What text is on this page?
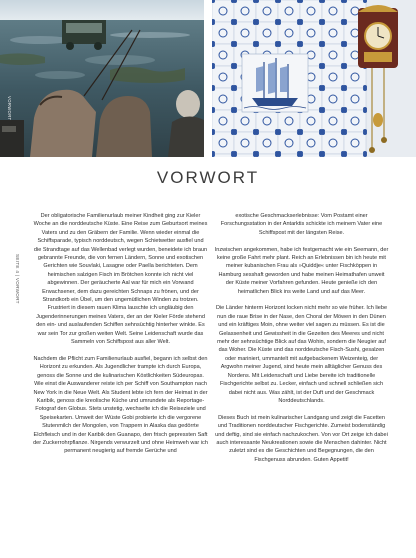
VORWORT
VORWORT
SEITE 4 | VORWORT

Der obligatorische Familienurlaub meiner Kindheit ging zur Kieler Woche an die norddeutsche Küste. Eine Reise zum Geburtsort meines Vaters und zu den Gräbern der Familie. Wenn wieder einmal die Schiffsparade, typisch norddeutsch, wegen Schietwetter ausfiel und die Strandtage auf das Wellenbad verlegt wurden, beneidete ich braun gebrannte Freunde, die von fernen Ländern, Sonne und exotischen Gerichten wie Souvlaki, Lasagne oder Paella berichteten. Dem heimischen salzigen Fisch im Brötchen konnte ich nicht viel abgewinnen. Der geräucherte Aal war für mich ein Vorwand Erwachsener, dem dazu gereichten Schnaps zu frönen, und der Strandkorb ein Übel, um den ungemütlichen Winden zu trotzen. Frustriert in diesem rauen Klima lauschte ich ungläubig den Jugenderinnerungen meines Vaters, der an der Kieler Förde stehend den ein- und auslaufenden Schiffen sehnsüchtig hinterher winkte. Es war sein Tor zur großen weiten Welt. Seine Leidenschaft wurde das Sammeln von Schiffspost aus aller Welt.

Nachdem die Pflicht zum Familienurlaub ausfiel, begann ich selbst den Horizont zu erkunden. Als Jugendlicher trampte ich durch Europa, genoss die Sonne und die kulinarischen Köstlichkeiten Südeuropas. Wie einst die Auswanderer reiste ich per Schiff von Southampton nach New York in die Neue Welt. Als Student lebte ich fern der Heimat in der Karibik, genoss die kreolische Küche und umrundete als Reportage-Fotograf den Globus. Stets unstetig, wechselte ich die Reiseziele und Speisekarten. Umweit der Wüste Gobi probierte ich die vergorene Stutenmilch der Mongolen, von Trappern in Alaska das gedörrte Elchfleisch und in der Karibik den Guanapo, den frisch gepressten Saft der Zuckerrohrpflanze. Nirgends verwurzelt und ohne Heimweh war ich permanent neugierig auf fremde Gerüche und

exotische Geschmackserlebnisse: Vom Postamt einer Forschungsstation in der Antarktis schickte ich meinem Vater eine Schiffspost mit der längsten Reise.

Inzwischen angekommen, habe ich festgemacht wie ein Seemann, der keine große Fahrt mehr plant. Reich an Erlebnissen bin ich heute mit meiner kubanischen Frau als »Quiddje« unter Fischköppen in Hamburg sesshaft geworden und habe meinen Heimathafen unweit der Küste meiner Vorfahren gefunden. Heute genieße ich den heimatlichen Blick ins weite Land und auf das Meer.

Die Länder hinterm Horizont locken nicht mehr so wie früher. Ich liebe nun die raue Brise in der Nase, den Choral der Möwen in den Dünen und ein kräftiges Moin, ohne weiter viel sagen zu müssen. Es ist die Gelassenheit und Gewissheit in die Gezeiten des Meeres und nicht mehr der sehnsüchtige Blick auf das Wohin, sondern die Neugier auf das Woher. Die Küste und das norddeutsche Fisch-Sushi, gesalzen oder mariniert, ummantelt mit aufgebackenem Weizenteig, der Argwohn meiner Jugend, sind heute mein alltäglicher Genuss des Nordens. Mit Leidenschaft und Liebe bereite ich traditionelle Fischgerichte selbst zu. Lecker, einfach und schnell schließen sich dabei nicht aus. Was zählt, ist der Duft und der Geschmack Norddeutschlands.

Dieses Buch ist mein kulinarischer Landgang und zeigt die Facetten und Traditionen norddeutscher Fischgerichte. Zumeist bodenständig und deftig, sind sie einfach nachzukochen. Von vor Ort zeige ich dabei auch interessante Neukreationen sowie die Menschen dahinter. Nicht zuletzt sind es die Geschichten und Begegnungen, die den Fischgenuss abrunden. Guten Appetit!
